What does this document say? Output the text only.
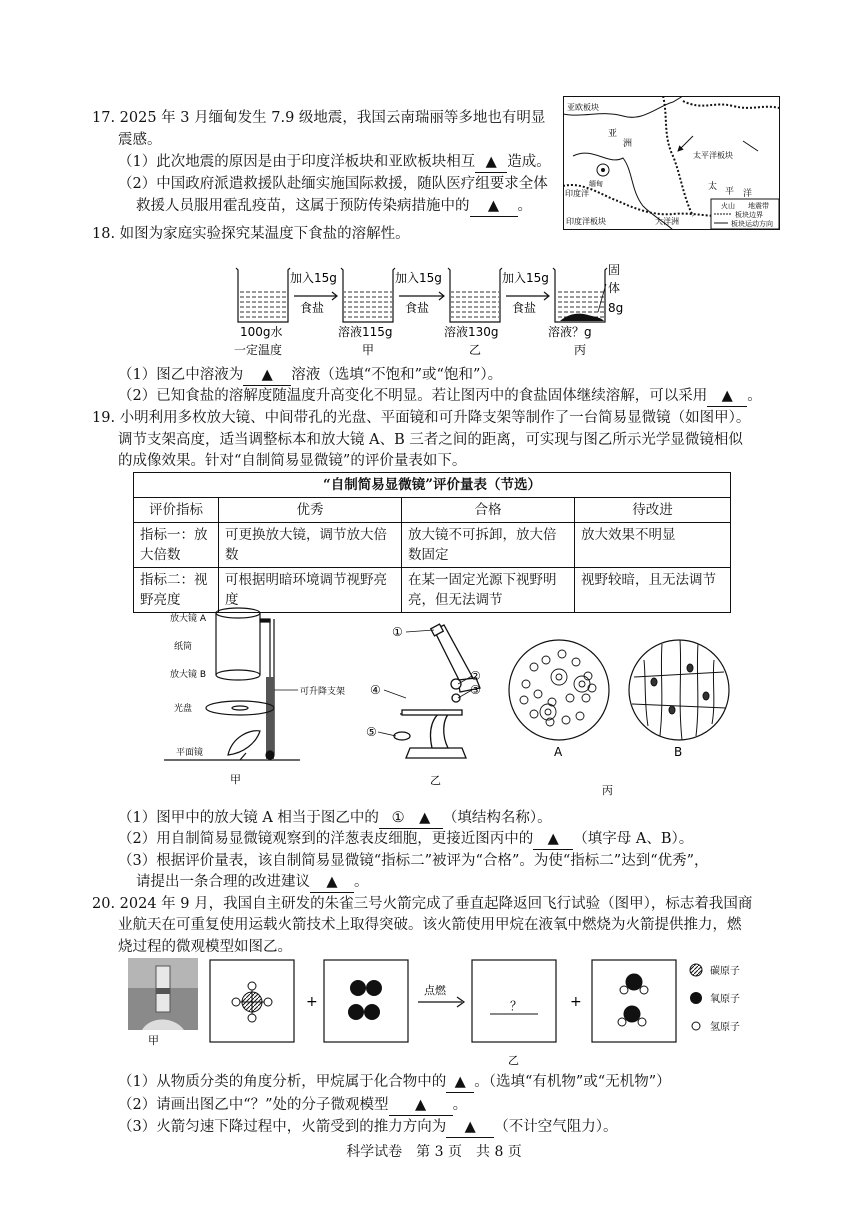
17. 2025 年 3 月缅甸发生 7.9 级地震，我国云南瑞丽等多地也有明显
震感。
（1）此次地震的原因是由于印度洋板块和亚欧板块相互 ▲ 造成。
（2）中国政府派遣救援队赴缅实施国际救援，随队医疗组要求全体
救援人员服用霍乱疫苗，这属于预防传染病措施中的 ▲ 。
亚欧板块
亚
洲
太平洋板块
太 平 洋
印度洋
印度洋板块	大洋洲
缅甸
火山 地震带
板块边界
板块运动方向
18. 如图为家庭实验探究某温度下食盐的溶解性。
加入15g	加入15g	加入15g
食盐	食盐	食盐
100g水
一定温度
溶液115g
甲
溶液130g
乙
溶液？g
丙
固
体
8g
（1）图乙中溶液为 ▲ 溶液（选填“不饱和”或“饱和”）。
（2）已知食盐的溶解度随温度升高变化不明显。若让图丙中的食盐固体继续溶解，可以采用 ▲ 。
19. 小明利用多枚放大镜、中间带孔的光盘、平面镜和可升降支架等制作了一台简易显微镜（如图甲）。
调节支架高度，适当调整标本和放大镜 A、B 三者之间的距离，可实现与图乙所示光学显微镜相似
的成像效果。针对“自制简易显微镜”的评价量表如下。
“自制简易显微镜”评价量表（节选）			
评价指标	优秀	合格	待改进
指标一：放大倍数	可更换放大镜，调节放大倍数	放大镜不可拆卸，放大倍数固定	放大效果不明显
指标二：视野亮度	可根据明暗环境调节视野亮度	在某一固定光源下视野明亮，但无法调节	视野较暗，且无法调节
放大镜 A
纸筒
放大镜 B
光盘
平面镜
可升降支架
甲
①
②
③
④
⑤
乙
A	B
丙
（1）图甲中的放大镜 A 相当于图乙中的 ①　 ▲ （填结构名称）。
（2）用自制简易显微镜观察到的洋葱表皮细胞，更接近图丙中的 ▲ （填字母 A、B）。
（3）根据评价量表，该自制简易显微镜“指标二”被评为“合格”。为使“指标二”达到“优秀”，
请提出一条合理的改进建议 ▲ 。
20. 2024 年 9 月，我国自主研发的朱雀三号火箭完成了垂直起降返回飞行试验（图甲），标志着我国商
业航天在可重复使用运载火箭技术上取得突破。该火箭使用甲烷在液氧中燃烧为火箭提供推力，燃
烧过程的微观模型如图乙。
甲
点燃
？
+	+
乙
碳原子
氧原子
氢原子
（1）从物质分类的角度分析，甲烷属于化合物中的 ▲ 。（选填“有机物”或“无机物”）
（2）请画出图乙中“？”处的分子微观模型 ▲ 。
（3）火箭匀速下降过程中，火箭受到的推力方向为 ▲ （不计空气阻力）。
科学试卷　第 3 页　共 8 页
